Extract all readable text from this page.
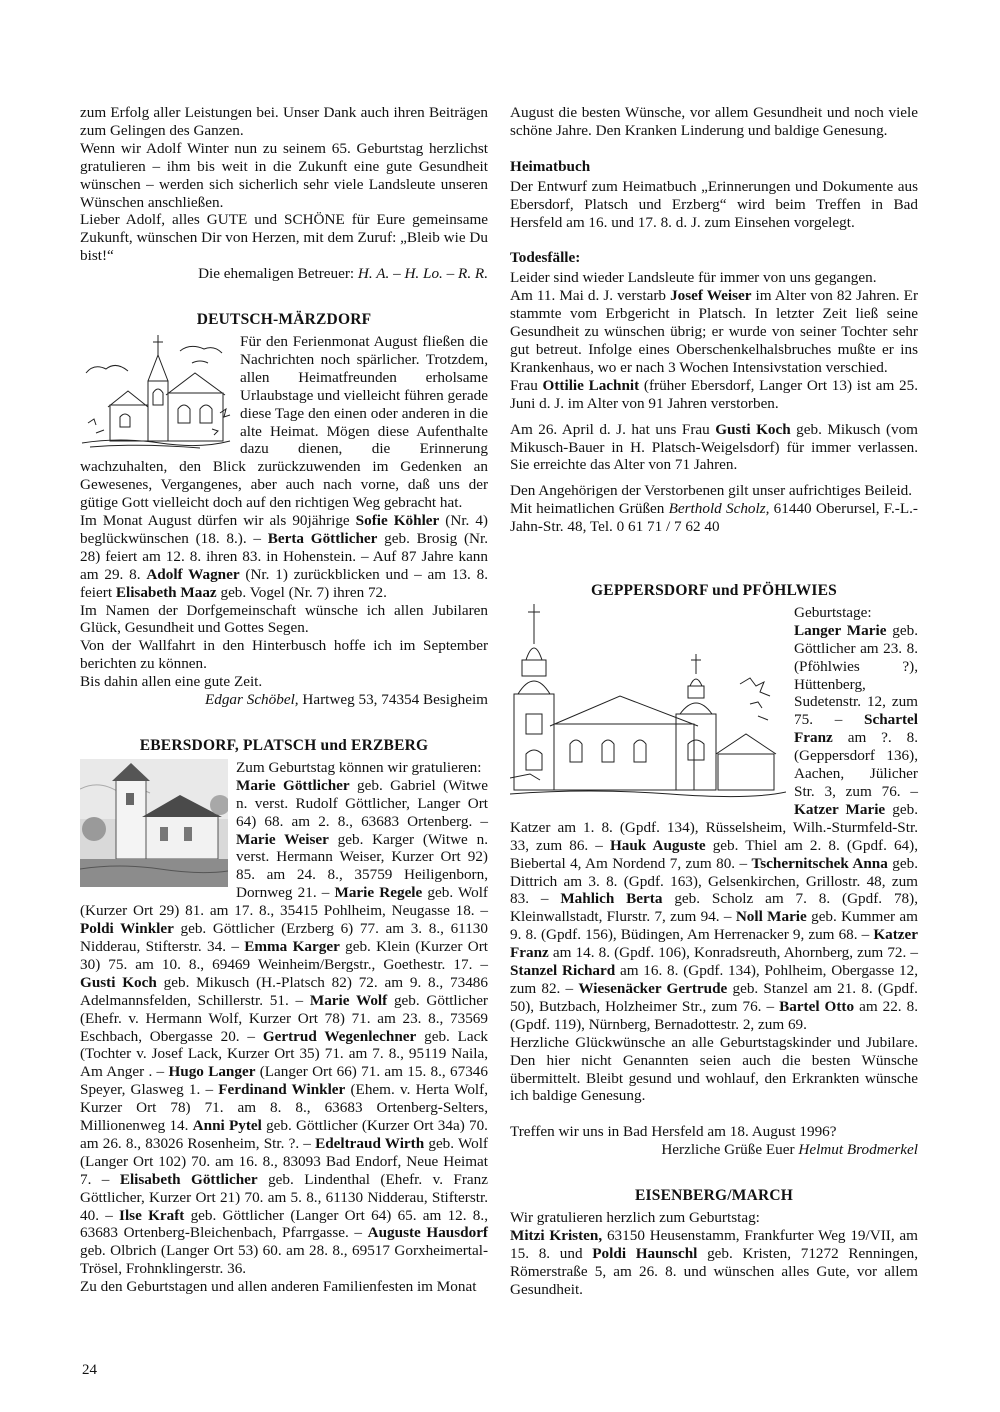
zum Erfolg aller Leistungen bei. Unser Dank auch ihren Beiträgen zum Gelingen des Ganzen.

Wenn wir Adolf Winter nun zu seinem 65. Geburtstag herzlichst gratulieren – ihm bis weit in die Zukunft eine gute Gesundheit wünschen – werden sich sicherlich sehr viele Landsleute unseren Wünschen anschließen.

Lieber Adolf, alles GUTE und SCHÖNE für Eure gemeinsame Zukunft, wünschen Dir von Herzen, mit dem Zuruf: „Bleib wie Du bist!“

Die ehemaligen Betreuer: H. A. – H. Lo. – R. R.

DEUTSCH-MÄRZDORF

Für den Ferienmonat August fließen die Nachrichten noch spärlicher. Trotzdem, allen Heimatfreunden erholsame Urlaubstage und vielleicht führen gerade diese Tage den einen oder anderen in die alte Heimat. Mögen diese Aufenthalte dazu dienen, die Erinnerung wachzuhalten, den Blick zurückzuwenden im Gedenken an Gewesenes, Vergangenes, aber auch nach vorne, daß uns der gütige Gott vielleicht doch auf den richtigen Weg gebracht hat.

Im Monat August dürfen wir als 90jährige Sofie Köhler (Nr. 4) beglückwünschen (18. 8.). – Berta Göttlicher geb. Brosig (Nr. 28) feiert am 12. 8. ihren 83. in Hohenstein. – Auf 87 Jahre kann am 29. 8. Adolf Wagner (Nr. 1) zurückblicken und – am 13. 8. feiert Elisabeth Maaz geb. Vogel (Nr. 7) ihren 72.

Im Namen der Dorfgemeinschaft wünsche ich allen Jubilaren Glück, Gesundheit und Gottes Segen.

Von der Wallfahrt in den Hinterbusch hoffe ich im September berichten zu können.

Bis dahin allen eine gute Zeit.

Edgar Schöbel, Hartweg 53, 74354 Besigheim

EBERSDORF, PLATSCH und ERZBERG

Zum Geburtstag können wir gratulieren:

Marie Göttlicher geb. Gabriel (Witwe n. verst. Rudolf Göttlicher, Langer Ort 64) 68. am 2. 8., 63683 Ortenberg. – Marie Weiser geb. Karger (Witwe n. verst. Hermann Weiser, Kurzer Ort 92) 85. am 24. 8., 35759 Heiligenborn, Dornweg 21. – Marie Regele geb. Wolf (Kurzer Ort 29) 81. am 17. 8., 35415 Pohlheim, Neugasse 18. – Poldi Winkler geb. Göttlicher (Erzberg 6) 77. am 3. 8., 61130 Nidderau, Stifterstr. 34. – Emma Karger geb. Klein (Kurzer Ort 30) 75. am 10. 8., 69469 Weinheim/Bergstr., Goethestr. 17. – Gusti Koch geb. Mikusch (H.-Platsch 82) 72. am 9. 8., 73486 Adelmannsfelden, Schillerstr. 51. – Marie Wolf geb. Göttlicher (Ehefr. v. Hermann Wolf, Kurzer Ort 78) 71. am 23. 8., 73569 Eschbach, Obergasse 20. – Gertrud Wegenlechner geb. Lack (Tochter v. Josef Lack, Kurzer Ort 35) 71. am 7. 8., 95119 Naila, Am Anger . – Hugo Langer (Langer Ort 66) 71. am 15. 8., 67346 Speyer, Glasweg 1. – Ferdinand Winkler (Ehem. v. Herta Wolf, Kurzer Ort 78) 71. am 8. 8., 63683 Ortenberg-Selters, Millionenweg 14. Anni Pytel geb. Göttlicher (Kurzer Ort 34a) 70. am 26. 8., 83026 Rosenheim, Str. ?. – Edeltraud Wirth geb. Wolf (Langer Ort 102) 70. am 16. 8., 83093 Bad Endorf, Neue Heimat 7. – Elisabeth Göttlicher geb. Lindenthal (Ehefr. v. Franz Göttlicher, Kurzer Ort 21) 70. am 5. 8., 61130 Nidderau, Stifterstr. 40. – Ilse Kraft geb. Göttlicher (Langer Ort 64) 65. am 12. 8., 63683 Ortenberg-Bleichenbach, Pfarrgasse. – Auguste Hausdorf geb. Olbrich (Langer Ort 53) 60. am 28. 8., 69517 Gorxheimertal-Trösel, Frohnklingerstr. 36.

Zu den Geburtstagen und allen anderen Familienfesten im Monat

August die besten Wünsche, vor allem Gesundheit und noch viele schöne Jahre. Den Kranken Linderung und baldige Genesung.

Heimatbuch

Der Entwurf zum Heimatbuch „Erinnerungen und Dokumente aus Ebersdorf, Platsch und Erzberg“ wird beim Treffen in Bad Hersfeld am 16. und 17. 8. d. J. zum Einsehen vorgelegt.

Todesfälle:

Leider sind wieder Landsleute für immer von uns gegangen.

Am 11. Mai d. J. verstarb Josef Weiser im Alter von 82 Jahren. Er stammte vom Erbgericht in Platsch. In letzter Zeit ließ seine Gesundheit zu wünschen übrig; er wurde von seiner Tochter sehr gut betreut. Infolge eines Oberschenkelhalsbruches mußte er ins Krankenhaus, wo er nach 3 Wochen Intensivstation verschied.

Frau Ottilie Lachnit (früher Ebersdorf, Langer Ort 13) ist am 25. Juni d. J. im Alter von 91 Jahren verstorben.

Am 26. April d. J. hat uns Frau Gusti Koch geb. Mikusch (vom Mikusch-Bauer in H. Platsch-Weigelsdorf) für immer verlassen. Sie erreichte das Alter von 71 Jahren.

Den Angehörigen der Verstorbenen gilt unser aufrichtiges Beileid.

Mit heimatlichen Grüßen Berthold Scholz, 61440 Oberursel, F.-L.-Jahn-Str. 48, Tel. 0 61 71 / 7 62 40

GEPPERSDORF und PFÖHLWIES

Geburtstage:

Langer Marie geb. Göttlicher am 23. 8. (Pföhlwies ?), Hüttenberg, Sudetenstr. 12, zum 75. – Schartel Franz am ?. 8. (Geppersdorf 136), Aachen, Jülicher Str. 3, zum 76. – Katzer Marie geb. Katzer am 1. 8. (Gpdf. 134), Rüsselsheim, Wilh.-Sturmfeld-Str. 33, zum 86. – Hauk Auguste geb. Thiel am 2. 8. (Gpdf. 64), Biebertal 4, Am Nordend 7, zum 80. – Tschernitschek Anna geb. Dittrich am 3. 8. (Gpdf. 163), Gelsenkirchen, Grillostr. 48, zum 83. – Mahlich Berta geb. Scholz am 7. 8. (Gpdf. 78), Kleinwallstadt, Flurstr. 7, zum 94. – Noll Marie geb. Kummer am 9. 8. (Gpdf. 156), Büdingen, Am Herrenacker 9, zum 68. – Katzer Franz am 14. 8. (Gpdf. 106), Konradsreuth, Ahornberg, zum 72. – Stanzel Richard am 16. 8. (Gpdf. 134), Pohlheim, Obergasse 12, zum 82. – Wiesenäcker Gertrude geb. Stanzel am 21. 8. (Gpdf. 50), Butzbach, Holzheimer Str., zum 76. – Bartel Otto am 22. 8. (Gpdf. 119), Nürnberg, Bernadottestr. 2, zum 69.

Herzliche Glückwünsche an alle Geburtstagskinder und Jubilare. Den hier nicht Genannten seien auch die besten Wünsche übermittelt. Bleibt gesund und wohlauf, den Erkrankten wünsche ich baldige Genesung.

Treffen wir uns in Bad Hersfeld am 18. August 1996?

Herzliche Grüße Euer Helmut Brodmerkel

EISENBERG/MARCH

Wir gratulieren herzlich zum Geburtstag:

Mitzi Kristen, 63150 Heusenstamm, Frankfurter Weg 19/VII, am 15. 8. und Poldi Haunschl geb. Kristen, 71272 Renningen, Römerstraße 5, am 26. 8. und wünschen alles Gute, vor allem Gesundheit.

24
